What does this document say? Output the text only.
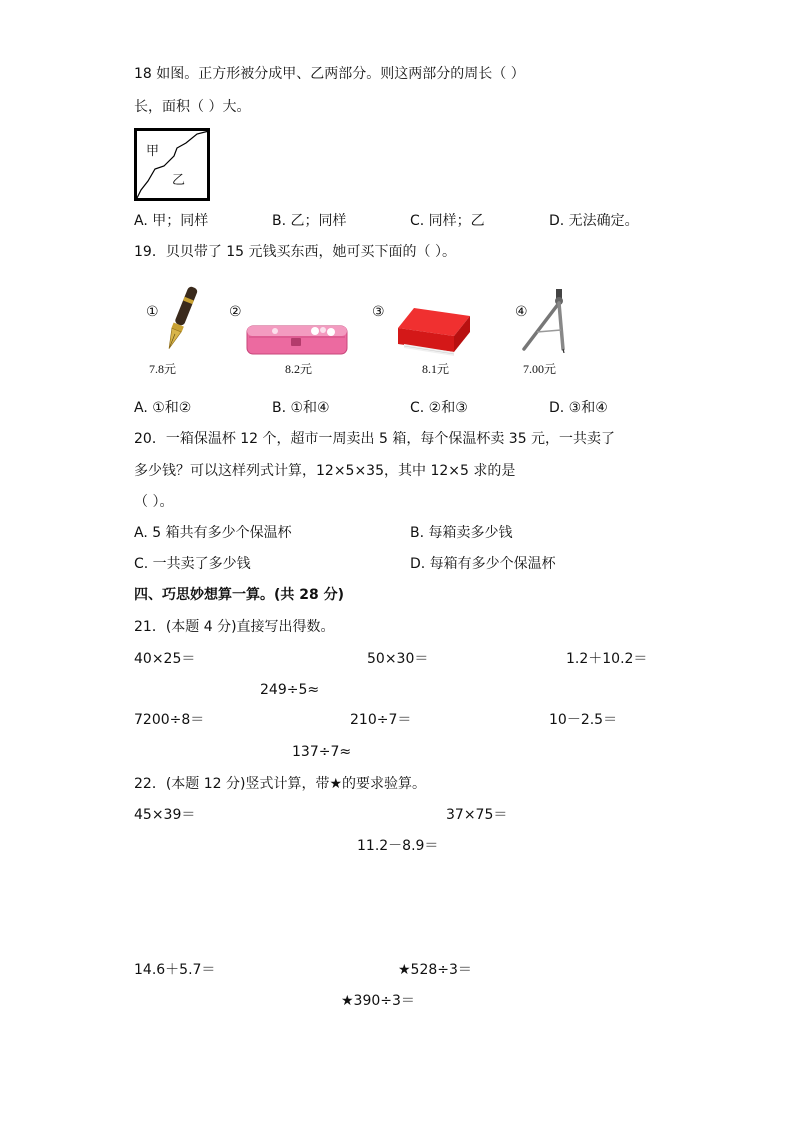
18 如图。正方形被分成甲、乙两部分。则这两部分的周长（ ）
长，面积（ ）大。
甲
乙
A. 甲；同样	B. 乙；同样	C. 同样；乙	D. 无法确定。
19．贝贝带了 15 元钱买东西，她可买下面的（ ）。
①
7.8元
②
8.2元
③
8.1元
④
7.00元
A. ①和②	B. ①和④	C. ②和③	D. ③和④
20．一箱保温杯 12 个，超市一周卖出 5 箱，每个保温杯卖 35 元，一共卖了
多少钱？可以这样列式计算，12×5×35，其中 12×5 求的是
（ ）。
A. 5 箱共有多少个保温杯	B. 每箱卖多少钱
C. 一共卖了多少钱	D. 每箱有多少个保温杯
四、巧思妙想算一算。(共 28 分)
21．(本题 4 分)直接写出得数。
40×25＝	50×30＝	1.2＋10.2＝
249÷5≈
7200÷8＝	210÷7＝	10－2.5＝
137÷7≈
22．(本题 12 分)竖式计算，带★的要求验算。
45×39＝	37×75＝
11.2－8.9＝
14.6＋5.7＝	★528÷3＝
★390÷3＝
